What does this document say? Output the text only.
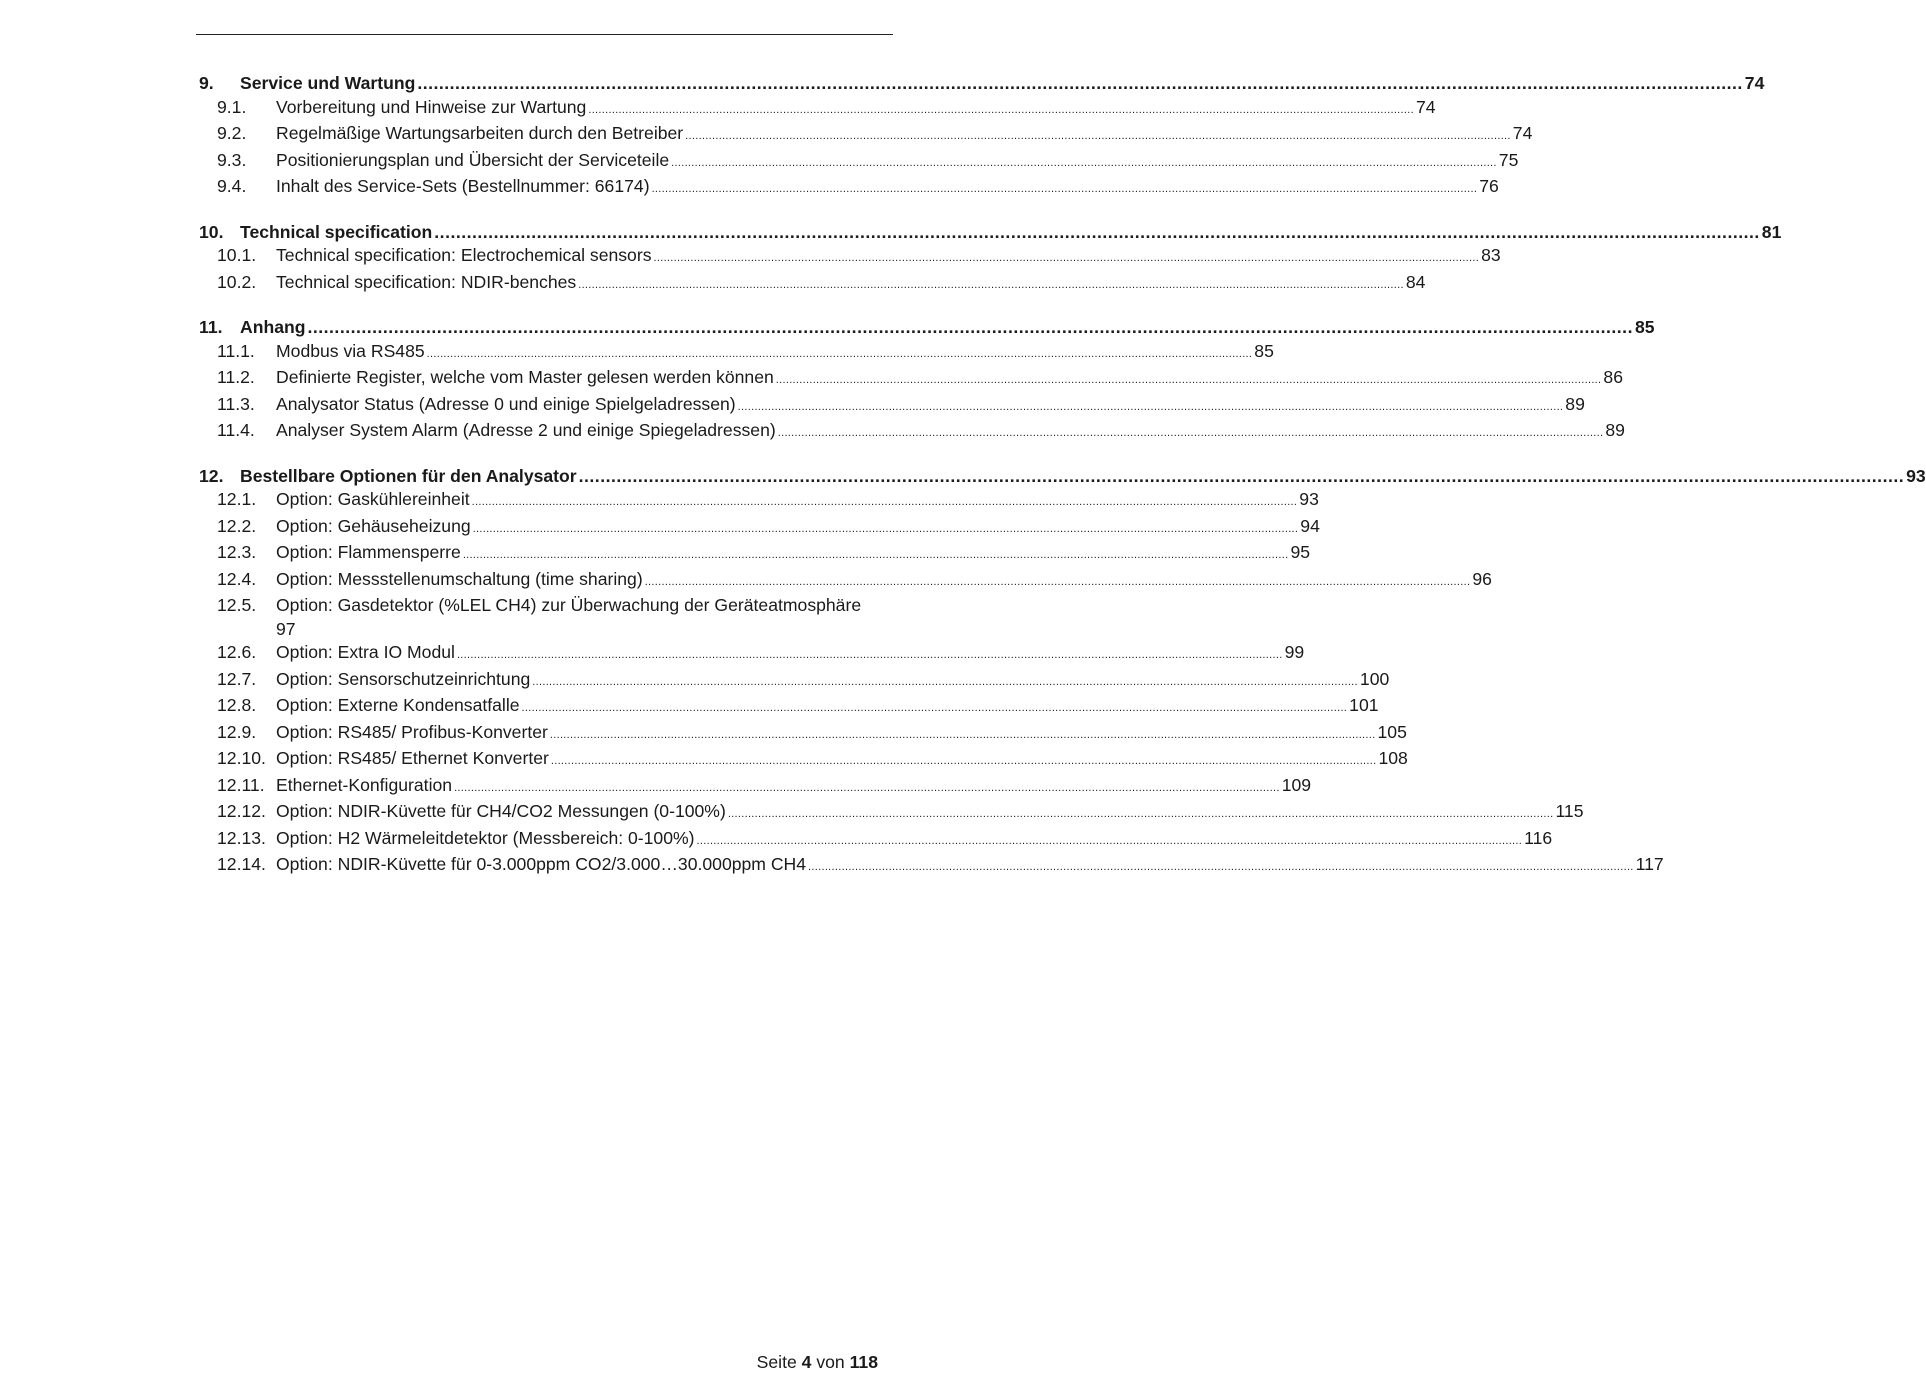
9.	Service und Wartung .....	74
9.1.	Vorbereitung und Hinweise zur Wartung .....	74
9.2.	Regelmäßige Wartungsarbeiten durch den Betreiber .....	74
9.3.	Positionierungsplan und Übersicht der Serviceteile .....	75
9.4.	Inhalt des Service-Sets (Bestellnummer: 66174) .....	76
10. Technical specification .....	81
10.1.	Technical specification: Electrochemical sensors .....	83
10.2.	Technical specification: NDIR-benches .....	84
11. Anhang .....	85
11.1.	Modbus via RS485 .....	85
11.2.	Definierte Register, welche vom Master gelesen werden können .....	86
11.3.	Analysator Status (Adresse 0 und einige Spielgeladressen) .....	89
11.4.	Analyser System Alarm (Adresse 2 und einige Spiegeladressen) .....	89
12. Bestellbare Optionen für den Analysator .....	93
12.1.	Option: Gaskühlereinheit .....	93
12.2.	Option: Gehäuseheizung .....	94
12.3.	Option: Flammensperre .....	95
12.4.	Option: Messstellenumschaltung (time sharing) .....	96
12.5.	Option: Gasdetektor (%LEL CH4) zur Überwachung der Geräteatmosphäre
97
12.6.	Option: Extra IO Modul .....	99
12.7.	Option: Sensorschutzeinrichtung .....	100
12.8.	Option: Externe Kondensatfalle .....	101
12.9.	Option: RS485/ Profibus-Konverter .....	105
12.10. Option: RS485/ Ethernet Konverter .....	108
12.11. Ethernet-Konfiguration .....	109
12.12. Option: NDIR-Küvette für CH4/CO2 Messungen (0-100%) .....	115
12.13. Option: H2 Wärmeleitdetektor (Messbereich: 0-100%) .....	116
12.14. Option: NDIR-Küvette für 0-3.000ppm CO2/3.000…30.000ppm CH4 .....	117
Seite 4 von 118
